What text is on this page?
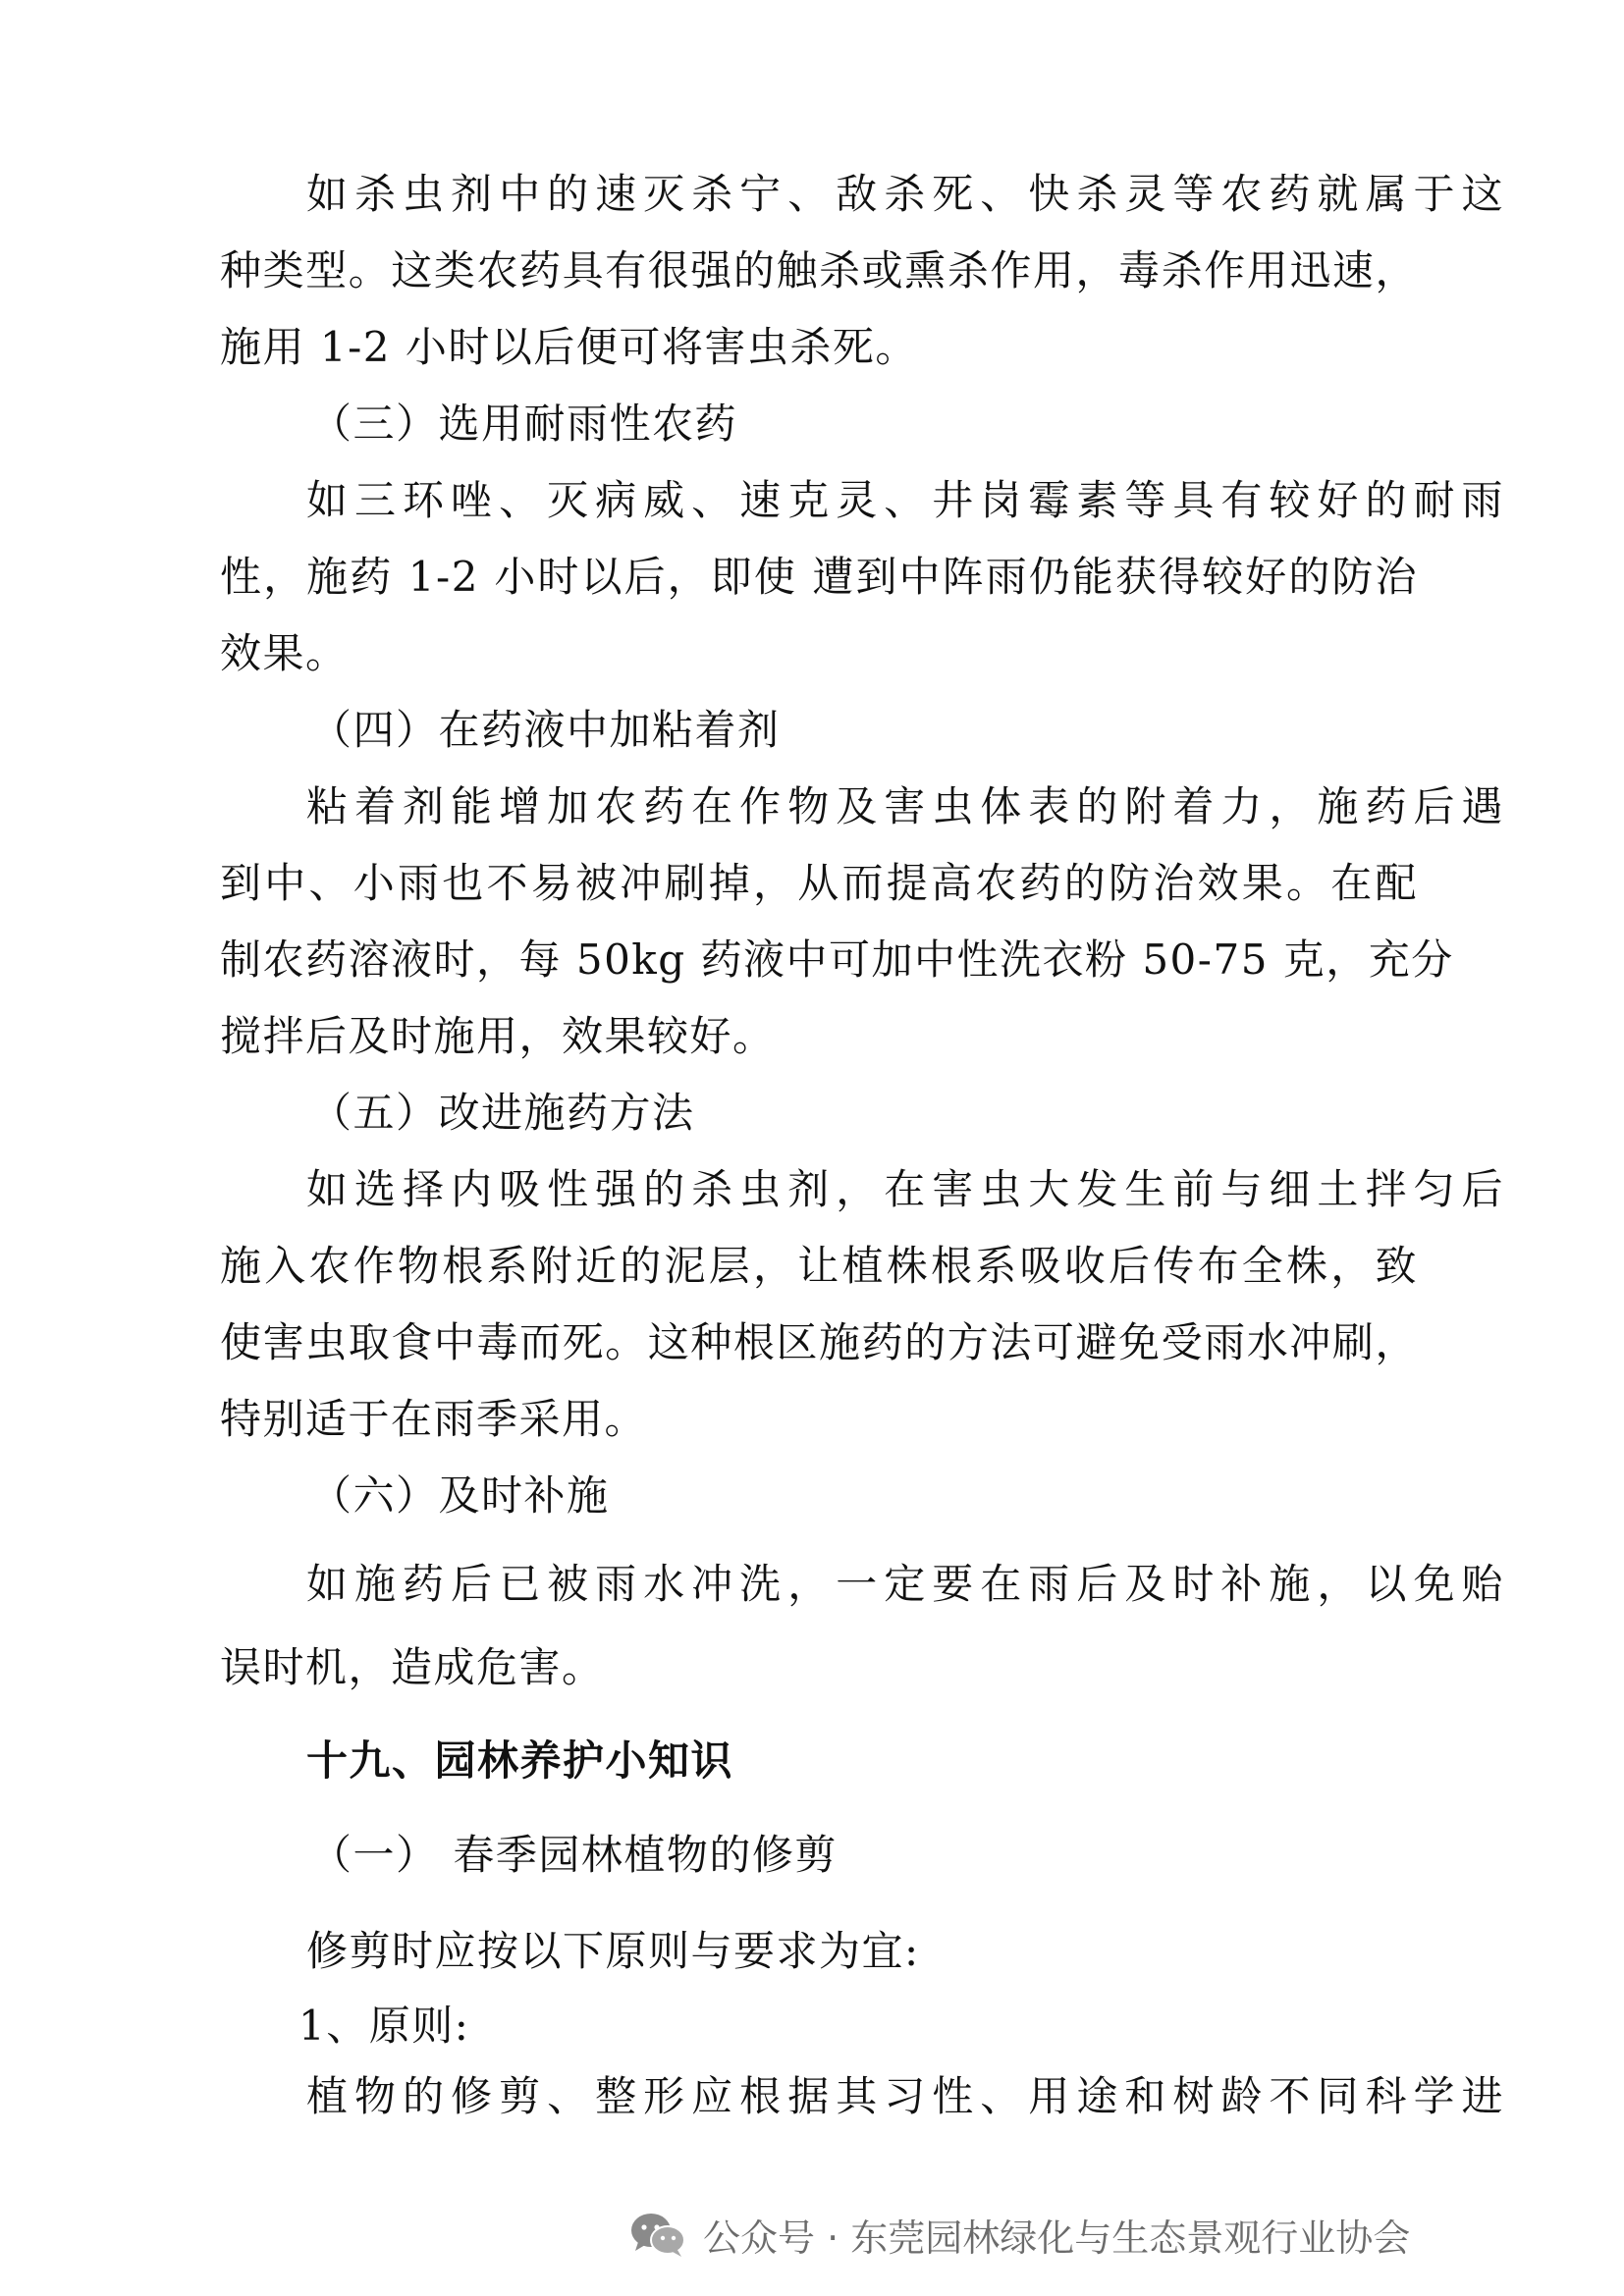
如杀虫剂中的速灭杀宁、敌杀死、快杀灵等农药就属于这
种类型。这类农药具有很强的触杀或熏杀作用，毒杀作用迅速，
施用 1-2 小时以后便可将害虫杀死。
（三）选用耐雨性农药
如三环唑、灭病威、速克灵、井岗霉素等具有较好的耐雨
性，施药 1-2 小时以后，即使 遭到中阵雨仍能获得较好的防治
效果。
（四）在药液中加粘着剂
粘着剂能增加农药在作物及害虫体表的附着力，施药后遇
到中、小雨也不易被冲刷掉，从而提高农药的防治效果。在配
制农药溶液时，每 50kg 药液中可加中性洗衣粉 50-75 克，充分
搅拌后及时施用，效果较好。
（五）改进施药方法
如选择内吸性强的杀虫剂，在害虫大发生前与细土拌匀后
施入农作物根系附近的泥层，让植株根系吸收后传布全株，致
使害虫取食中毒而死。这种根区施药的方法可避免受雨水冲刷，
特别适于在雨季采用。
（六）及时补施
如施药后已被雨水冲洗，一定要在雨后及时补施，以免贻
误时机，造成危害。
十九、园林养护小知识
（一） 春季园林植物的修剪
修剪时应按以下原则与要求为宜:
1、原则:
植物的修剪、整形应根据其习性、用途和树龄不同科学进
公众号 · 东莞园林绿化与生态景观行业协会
